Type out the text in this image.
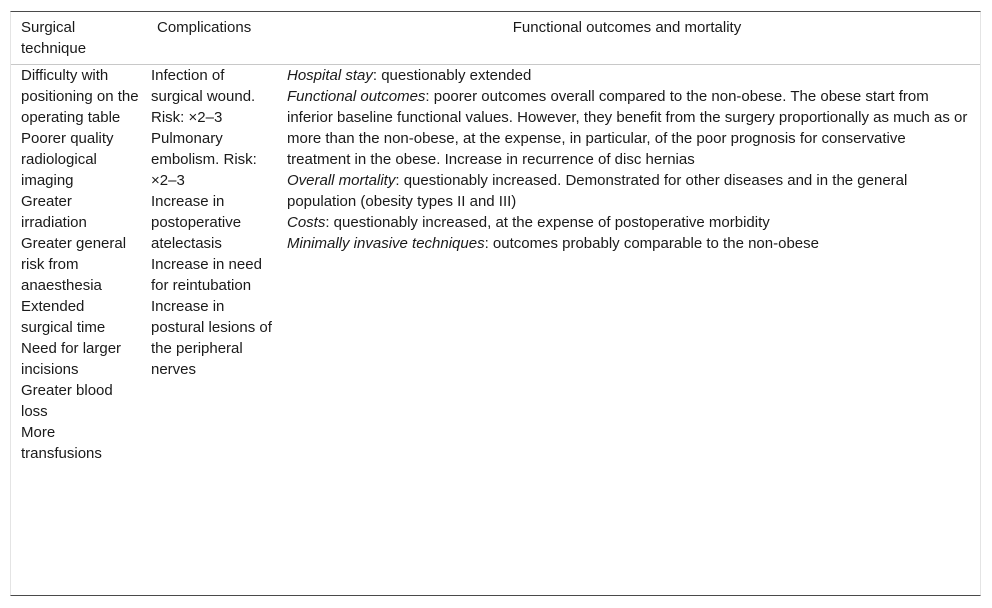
Surgical technique
Complications	Functional outcomes and mortality
Difficulty with positioning on the operating table
Poorer quality radiological imaging
Greater irradiation
Greater general risk from anaesthesia
Extended surgical time
Need for larger incisions
Greater blood loss
More transfusions
Infection of surgical wound. Risk: ×2–3
Pulmonary embolism. Risk: ×2–3
Increase in postoperative atelectasis
Increase in need for reintubation
Increase in postural lesions of the peripheral nerves
Hospital stay: questionably extended
Functional outcomes: poorer outcomes overall compared to the non-obese. The obese start from inferior baseline functional values. However, they benefit from the surgery proportionally as much as or more than the non-obese, at the expense, in particular, of the poor prognosis for conservative treatment in the obese. Increase in recurrence of disc hernias
Overall mortality: questionably increased. Demonstrated for other diseases and in the general population (obesity types II and III)
Costs: questionably increased, at the expense of postoperative morbidity
Minimally invasive techniques: outcomes probably comparable to the non-obese
